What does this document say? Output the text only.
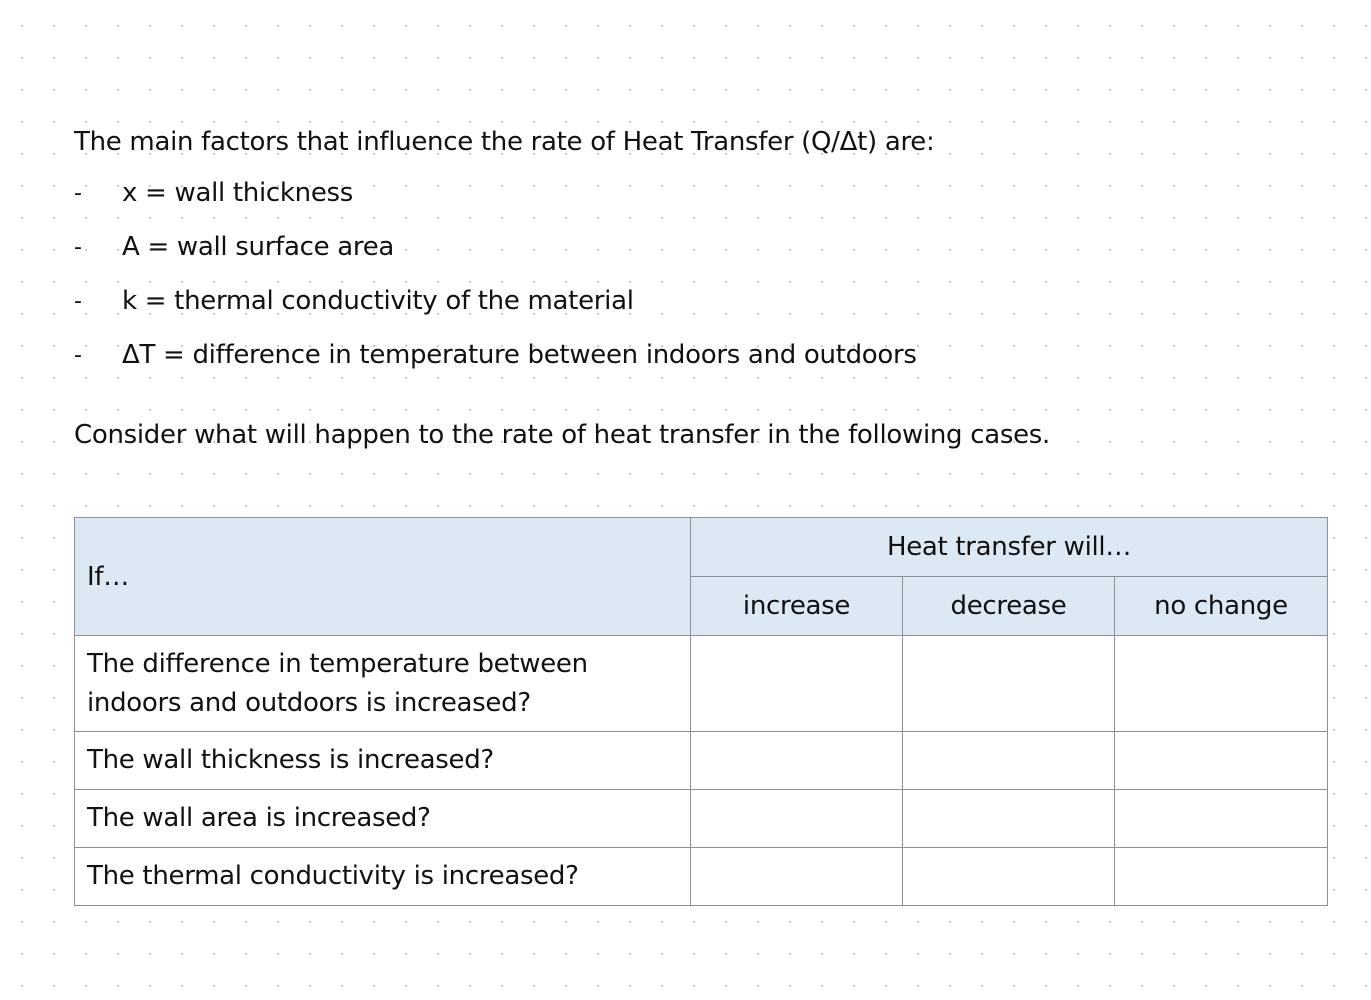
The main factors that influence the rate of Heat Transfer (Q/Δt) are:

-	x = wall thickness
-	A = wall surface area
-	k = thermal conductivity of the material
-	ΔT = difference in temperature between indoors and outdoors

Consider what will happen to the rate of heat transfer in the following cases.

If…	Heat transfer will…		
	increase	decrease	no change

The difference in temperature between
indoors and outdoors is increased?			

The wall thickness is increased?			
The wall area is increased?			
The thermal conductivity is increased?			
